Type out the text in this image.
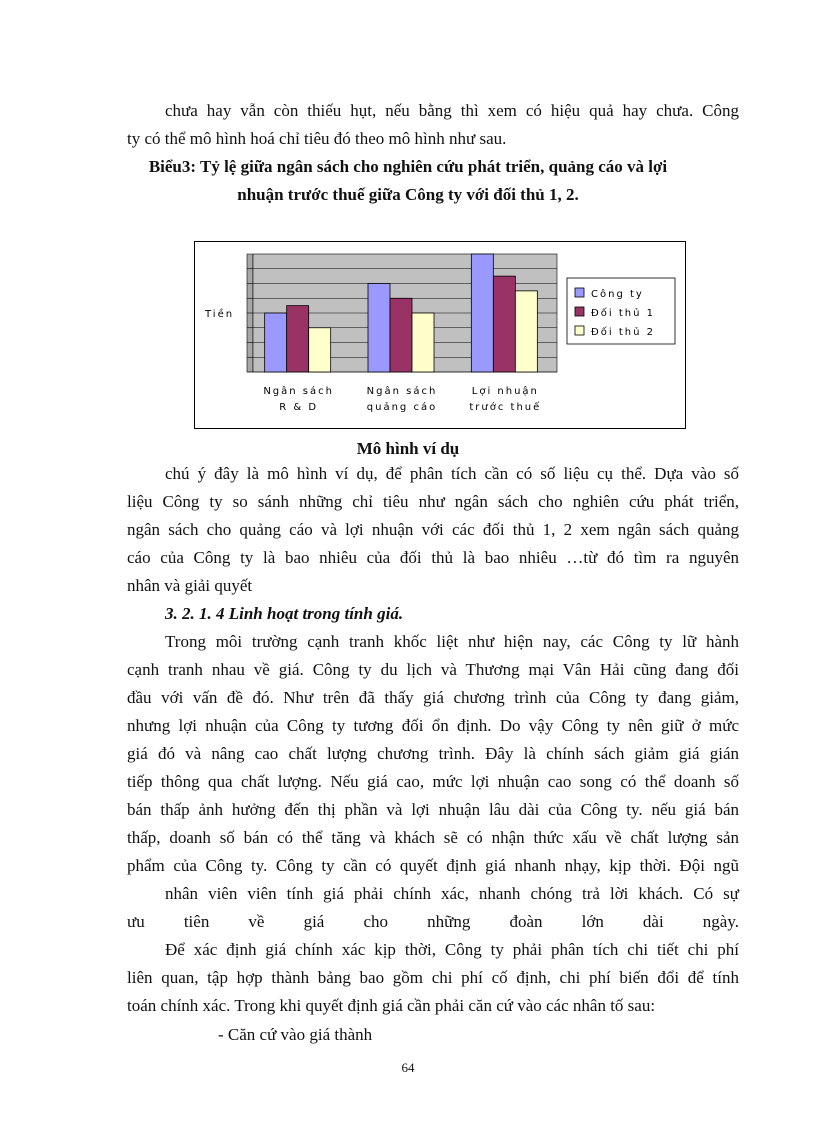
chưa hay vẫn còn thiếu hụt, nếu bằng thì xem có hiệu quả hay chưa. Công
ty có thể mô hình hoá chỉ tiêu đó theo mô hình như sau.

Biểu3: Tỷ lệ giữa ngân sách cho nghiên cứu phát triển, quảng cáo và lợi
nhuận trước thuế giữa Công ty với đối thủ 1, 2.

Tiền
Ngân sách
R & D
Ngân sách
quảng cáo
Lợi nhuận
trước thuế
Công ty
Đối thủ 1
Đối thủ 2

Mô hình ví dụ

chú ý đây là mô hình ví dụ, để phân tích cần có số liệu cụ thể. Dựa vào số
liệu Công ty so sánh những chỉ tiêu như ngân sách cho nghiên cứu phát triển,
ngân sách cho quảng cáo và lợi nhuận với các đối thủ 1, 2 xem ngân sách quảng
cáo của Công ty là bao nhiêu của đối thủ là bao nhiêu …từ đó tìm ra nguyên
nhân và giải quyết

3. 2. 1. 4 Linh hoạt trong tính giá.

Trong môi trường cạnh tranh khốc liệt như hiện nay, các Công ty lữ hành
cạnh tranh nhau về giá. Công ty du lịch và Thương mại Vân Hải cũng đang đối
đầu với vấn đề đó. Như trên đã thấy giá chương trình của Công ty đang giảm,
nhưng lợi nhuận của Công ty tương đối ổn định. Do vậy Công ty nên giữ ở mức
giá đó và nâng cao chất lượng chương trình. Đây là chính sách giảm giá gián
tiếp thông qua chất lượng. Nếu giá cao, mức lợi nhuận cao song có thể doanh số
bán thấp ảnh hưởng đến thị phần và lợi nhuận lâu dài của Công ty. nếu giá bán
thấp, doanh số bán có thể tăng và khách sẽ có nhận thức xấu về chất lượng sản
phẩm của Công ty. Công ty cần có quyết định giá nhanh nhạy, kịp thời. Đội ngũ

nhân viên viên tính giá phải chính xác, nhanh chóng trả lời khách. Có sự
ưu tiên về giá cho những đoàn lớn dài ngày.

Để xác định giá chính xác kịp thời, Công ty phải phân tích chi tiết chi phí
liên quan, tập hợp thành bảng bao gồm chi phí cố định, chi phí biến đổi để tính
toán chính xác. Trong khi quyết định giá cần phải căn cứ vào các nhân tố sau:

- Căn cứ vào giá thành

64
